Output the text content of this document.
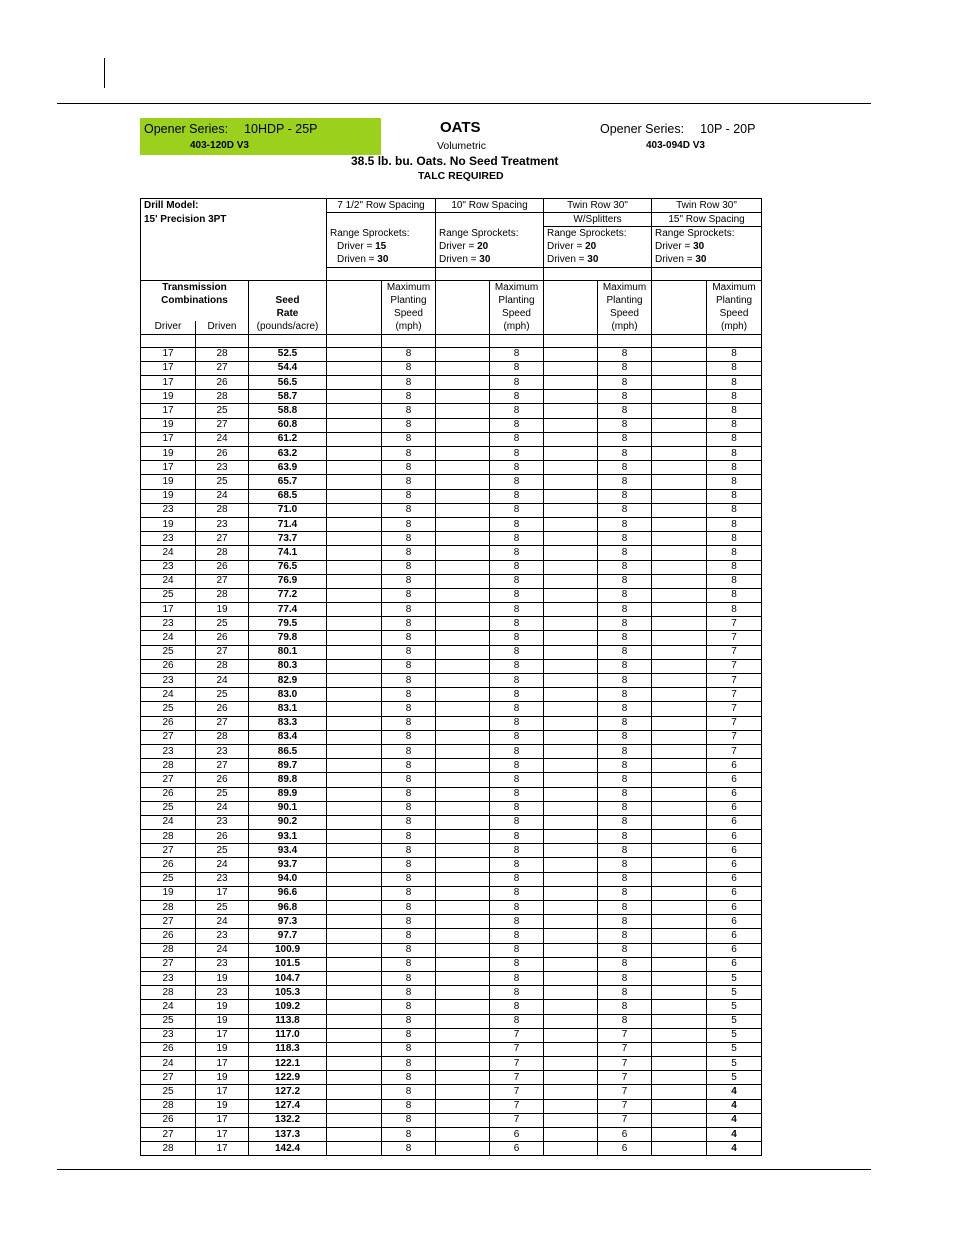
Opener Series: 10HDP - 25P
403-120D V3
OATS
Volumetric
Opener Series: 10P - 20P
403-094D V3
38.5 lb. bu. Oats. No Seed Treatment
TALC REQUIRED
Drill Model:			7 1/2" Row Spacing		10" Row Spacing		Twin Row 30"		Twin Row 30"	
15' Precision 3PT							W/Splitters		15" Row Spacing	
			Range Sprockets:		Range Sprockets:		Range Sprockets:		Range Sprockets:	
			Driver = 15		Driver = 20		Driver = 20		Driver = 30	
			Driven = 30		Driven = 30		Driven = 30		Driven = 30	

Transmission				Maximum		Maximum		Maximum		Maximum
Combinations		Seed		Planting		Planting		Planting		Planting
		Rate		Speed		Speed		Speed		Speed
Driver	Driven	(pounds/acre)		(mph)		(mph)		(mph)		(mph)

17	28	52.5		8		8		8		8
17	27	54.4		8		8		8		8
17	26	56.5		8		8		8		8
19	28	58.7		8		8		8		8
17	25	58.8		8		8		8		8
19	27	60.8		8		8		8		8
17	24	61.2		8		8		8		8
19	26	63.2		8		8		8		8
17	23	63.9		8		8		8		8
19	25	65.7		8		8		8		8
19	24	68.5		8		8		8		8
23	28	71.0		8		8		8		8
19	23	71.4		8		8		8		8
23	27	73.7		8		8		8		8
24	28	74.1		8		8		8		8
23	26	76.5		8		8		8		8
24	27	76.9		8		8		8		8
25	28	77.2		8		8		8		8
17	19	77.4		8		8		8		8
23	25	79.5		8		8		8		7
24	26	79.8		8		8		8		7
25	27	80.1		8		8		8		7
26	28	80.3		8		8		8		7
23	24	82.9		8		8		8		7
24	25	83.0		8		8		8		7
25	26	83.1		8		8		8		7
26	27	83.3		8		8		8		7
27	28	83.4		8		8		8		7
23	23	86.5		8		8		8		7
28	27	89.7		8		8		8		6
27	26	89.8		8		8		8		6
26	25	89.9		8		8		8		6
25	24	90.1		8		8		8		6
24	23	90.2		8		8		8		6
28	26	93.1		8		8		8		6
27	25	93.4		8		8		8		6
26	24	93.7		8		8		8		6
25	23	94.0		8		8		8		6
19	17	96.6		8		8		8		6
28	25	96.8		8		8		8		6
27	24	97.3		8		8		8		6
26	23	97.7		8		8		8		6
28	24	100.9		8		8		8		6
27	23	101.5		8		8		8		6
23	19	104.7		8		8		8		5
28	23	105.3		8		8		8		5
24	19	109.2		8		8		8		5
25	19	113.8		8		8		8		5
23	17	117.0		8		7		7		5
26	19	118.3		8		7		7		5
24	17	122.1		8		7		7		5
27	19	122.9		8		7		7		5
25	17	127.2		8		7		7		4
28	19	127.4		8		7		7		4
26	17	132.2		8		7		7		4
27	17	137.3		8		6		6		4
28	17	142.4		8		6		6		4
